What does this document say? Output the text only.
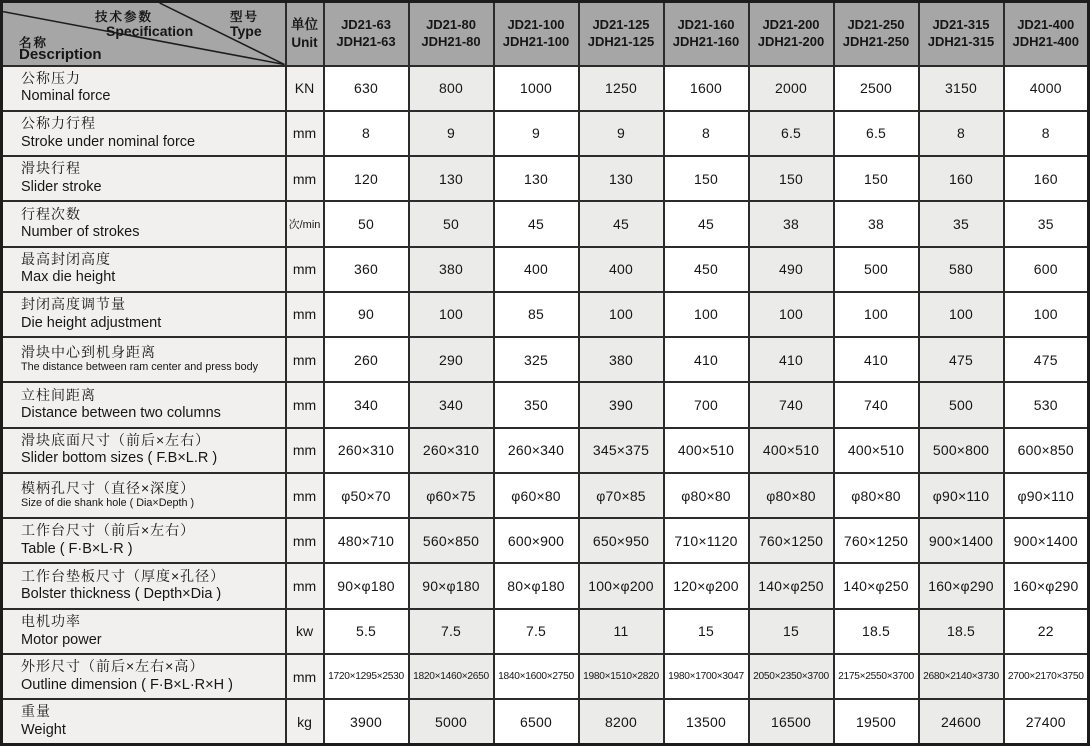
技术参数
Specification
型号
Type
名称
Description

单位
Unit

JD21-63
JDH21-63

JD21-80
JDH21-80

JD21-100
JDH21-100

JD21-125
JDH21-125

JD21-160
JDH21-160

JD21-200
JDH21-200

JD21-250
JDH21-250

JD21-315
JDH21-315

JD21-400
JDH21-400

公称压力
Nominal force	KN	630	800	1000	1250	1600	2000	2500	3150	4000

公称力行程
Stroke under nominal force	mm	8	9	9	9	8	6.5	6.5	8	8

滑块行程
Slider stroke	mm	120	130	130	130	150	150	150	160	160

行程次数
Number of strokes	次/min	50	50	45	45	45	38	38	35	35

最高封闭高度
Max die height	mm	360	380	400	400	450	490	500	580	600

封闭高度调节量
Die height adjustment	mm	90	100	85	100	100	100	100	100	100

滑块中心到机身距离
The distance between ram center and press body	mm	260	290	325	380	410	410	410	475	475

立柱间距离
Distance between two columns	mm	340	340	350	390	700	740	740	500	530

滑块底面尺寸（前后×左右）
Slider bottom sizes ( F.B×L.R )	mm	260×310	260×310	260×340	345×375	400×510	400×510	400×510	500×800	600×850

模柄孔尺寸（直径×深度）
Size of die shank hole ( Dia×Depth )	mm	φ50×70	φ60×75	φ60×80	φ70×85	φ80×80	φ80×80	φ80×80	φ90×110	φ90×110

工作台尺寸（前后×左右）
Table ( F·B×L·R )	mm	480×710	560×850	600×900	650×950	710×1120	760×1250	760×1250	900×1400	900×1400

工作台垫板尺寸（厚度×孔径）
Bolster thickness ( Depth×Dia )	mm	90×φ180	90×φ180	80×φ180	100×φ200	120×φ200	140×φ250	140×φ250	160×φ290	160×φ290

电机功率
Motor power	kw	5.5	7.5	7.5	11	15	15	18.5	18.5	22

外形尺寸（前后×左右×高）
Outline dimension ( F·B×L·R×H )	mm	1720×1295×2530	1820×1460×2650	1840×1600×2750	1980×1510×2820	1980×1700×3047	2050×2350×3700	2175×2550×3700	2680×2140×3730	2700×2170×3750

重量
Weight	kg	3900	5000	6500	8200	13500	16500	19500	24600	27400
